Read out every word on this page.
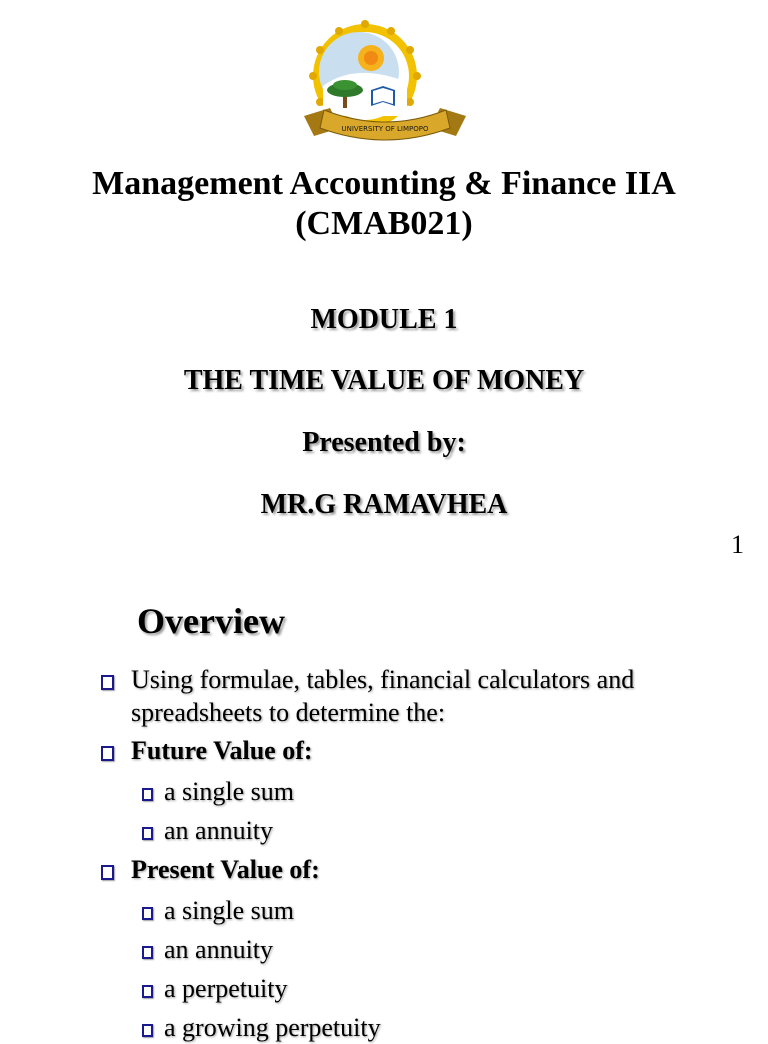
UNIVERSITY OF LIMPOPO
Management Accounting & Finance IIA
(CMAB021)
MODULE 1
THE TIME VALUE OF MONEY
Presented by:
MR.G RAMAVHEA
1
Overview
Using formulae, tables, financial calculators and
spreadsheets to determine the:
Future Value of:
a single sum
an annuity
Present Value of:
a single sum
an annuity
a perpetuity
a growing perpetuity
